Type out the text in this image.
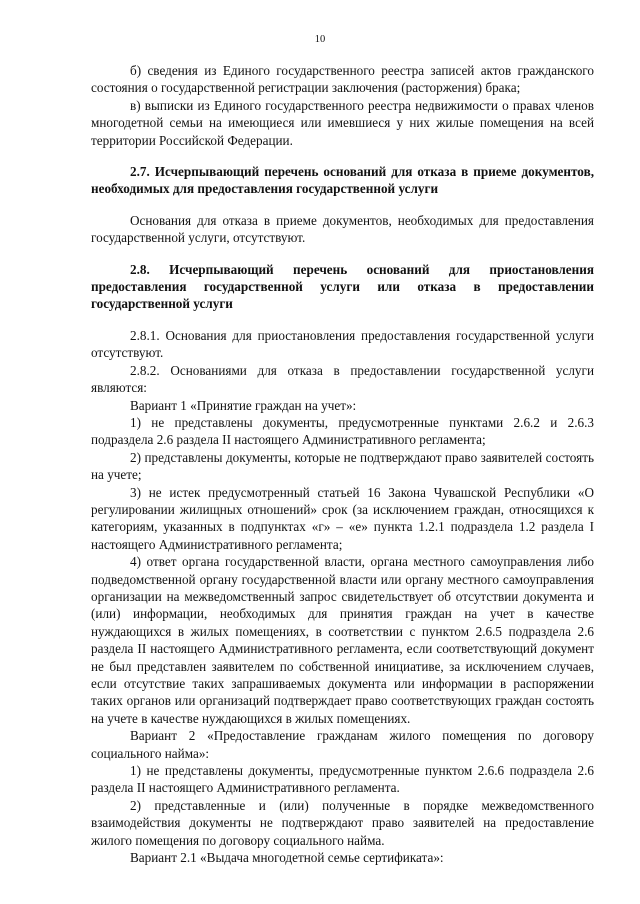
10

б) сведения из Единого государственного реестра записей актов гражданского состояния о государственной регистрации заключения (расторжения) брака;

в) выписки из Единого государственного реестра недвижимости о правах членов многодетной семьи на имеющиеся или имевшиеся у них жилые помещения на всей территории Российской Федерации.

2.7. Исчерпывающий перечень оснований для отказа в приеме документов, необходимых для предоставления государственной услуги

Основания для отказа в приеме документов, необходимых для предоставления государственной услуги, отсутствуют.

2.8. Исчерпывающий перечень оснований для приостановления предоставления государственной услуги или отказа в предоставлении государственной услуги

2.8.1. Основания для приостановления предоставления государственной услуги отсутствуют.

2.8.2. Основаниями для отказа в предоставлении государственной услуги являются:

Вариант 1 «Принятие граждан на учет»:

1) не представлены документы, предусмотренные пунктами 2.6.2 и 2.6.3 подраздела 2.6 раздела II настоящего Административного регламента;

2) представлены документы, которые не подтверждают право заявителей состоять на учете;

3) не истек предусмотренный статьей 16 Закона Чувашской Республики «О регулировании жилищных отношений» срок (за исключением граждан, относящихся к категориям, указанных в подпунктах «г» – «е» пункта 1.2.1 подраздела 1.2 раздела I настоящего Административного регламента;

4) ответ органа государственной власти, органа местного самоуправления либо подведомственной органу государственной власти или органу местного самоуправления организации на межведомственный запрос свидетельствует об отсутствии документа и (или) информации, необходимых для принятия граждан на учет в качестве нуждающихся в жилых помещениях, в соответствии с пунктом 2.6.5 подраздела 2.6 раздела II настоящего Административного регламента, если соответствующий документ не был представлен заявителем по собственной инициативе, за исключением случаев, если отсутствие таких запрашиваемых документа или информации в распоряжении таких органов или организаций подтверждает право соответствующих граждан состоять на учете в качестве нуждающихся в жилых помещениях.

Вариант 2 «Предоставление гражданам жилого помещения по договору социального найма»:

1) не представлены документы, предусмотренные пунктом 2.6.6 подраздела 2.6 раздела II настоящего Административного регламента.

2) представленные и (или) полученные в порядке межведомственного взаимодействия документы не подтверждают право заявителей на предоставление жилого помещения по договору социального найма.

Вариант 2.1 «Выдача многодетной семье сертификата»:
